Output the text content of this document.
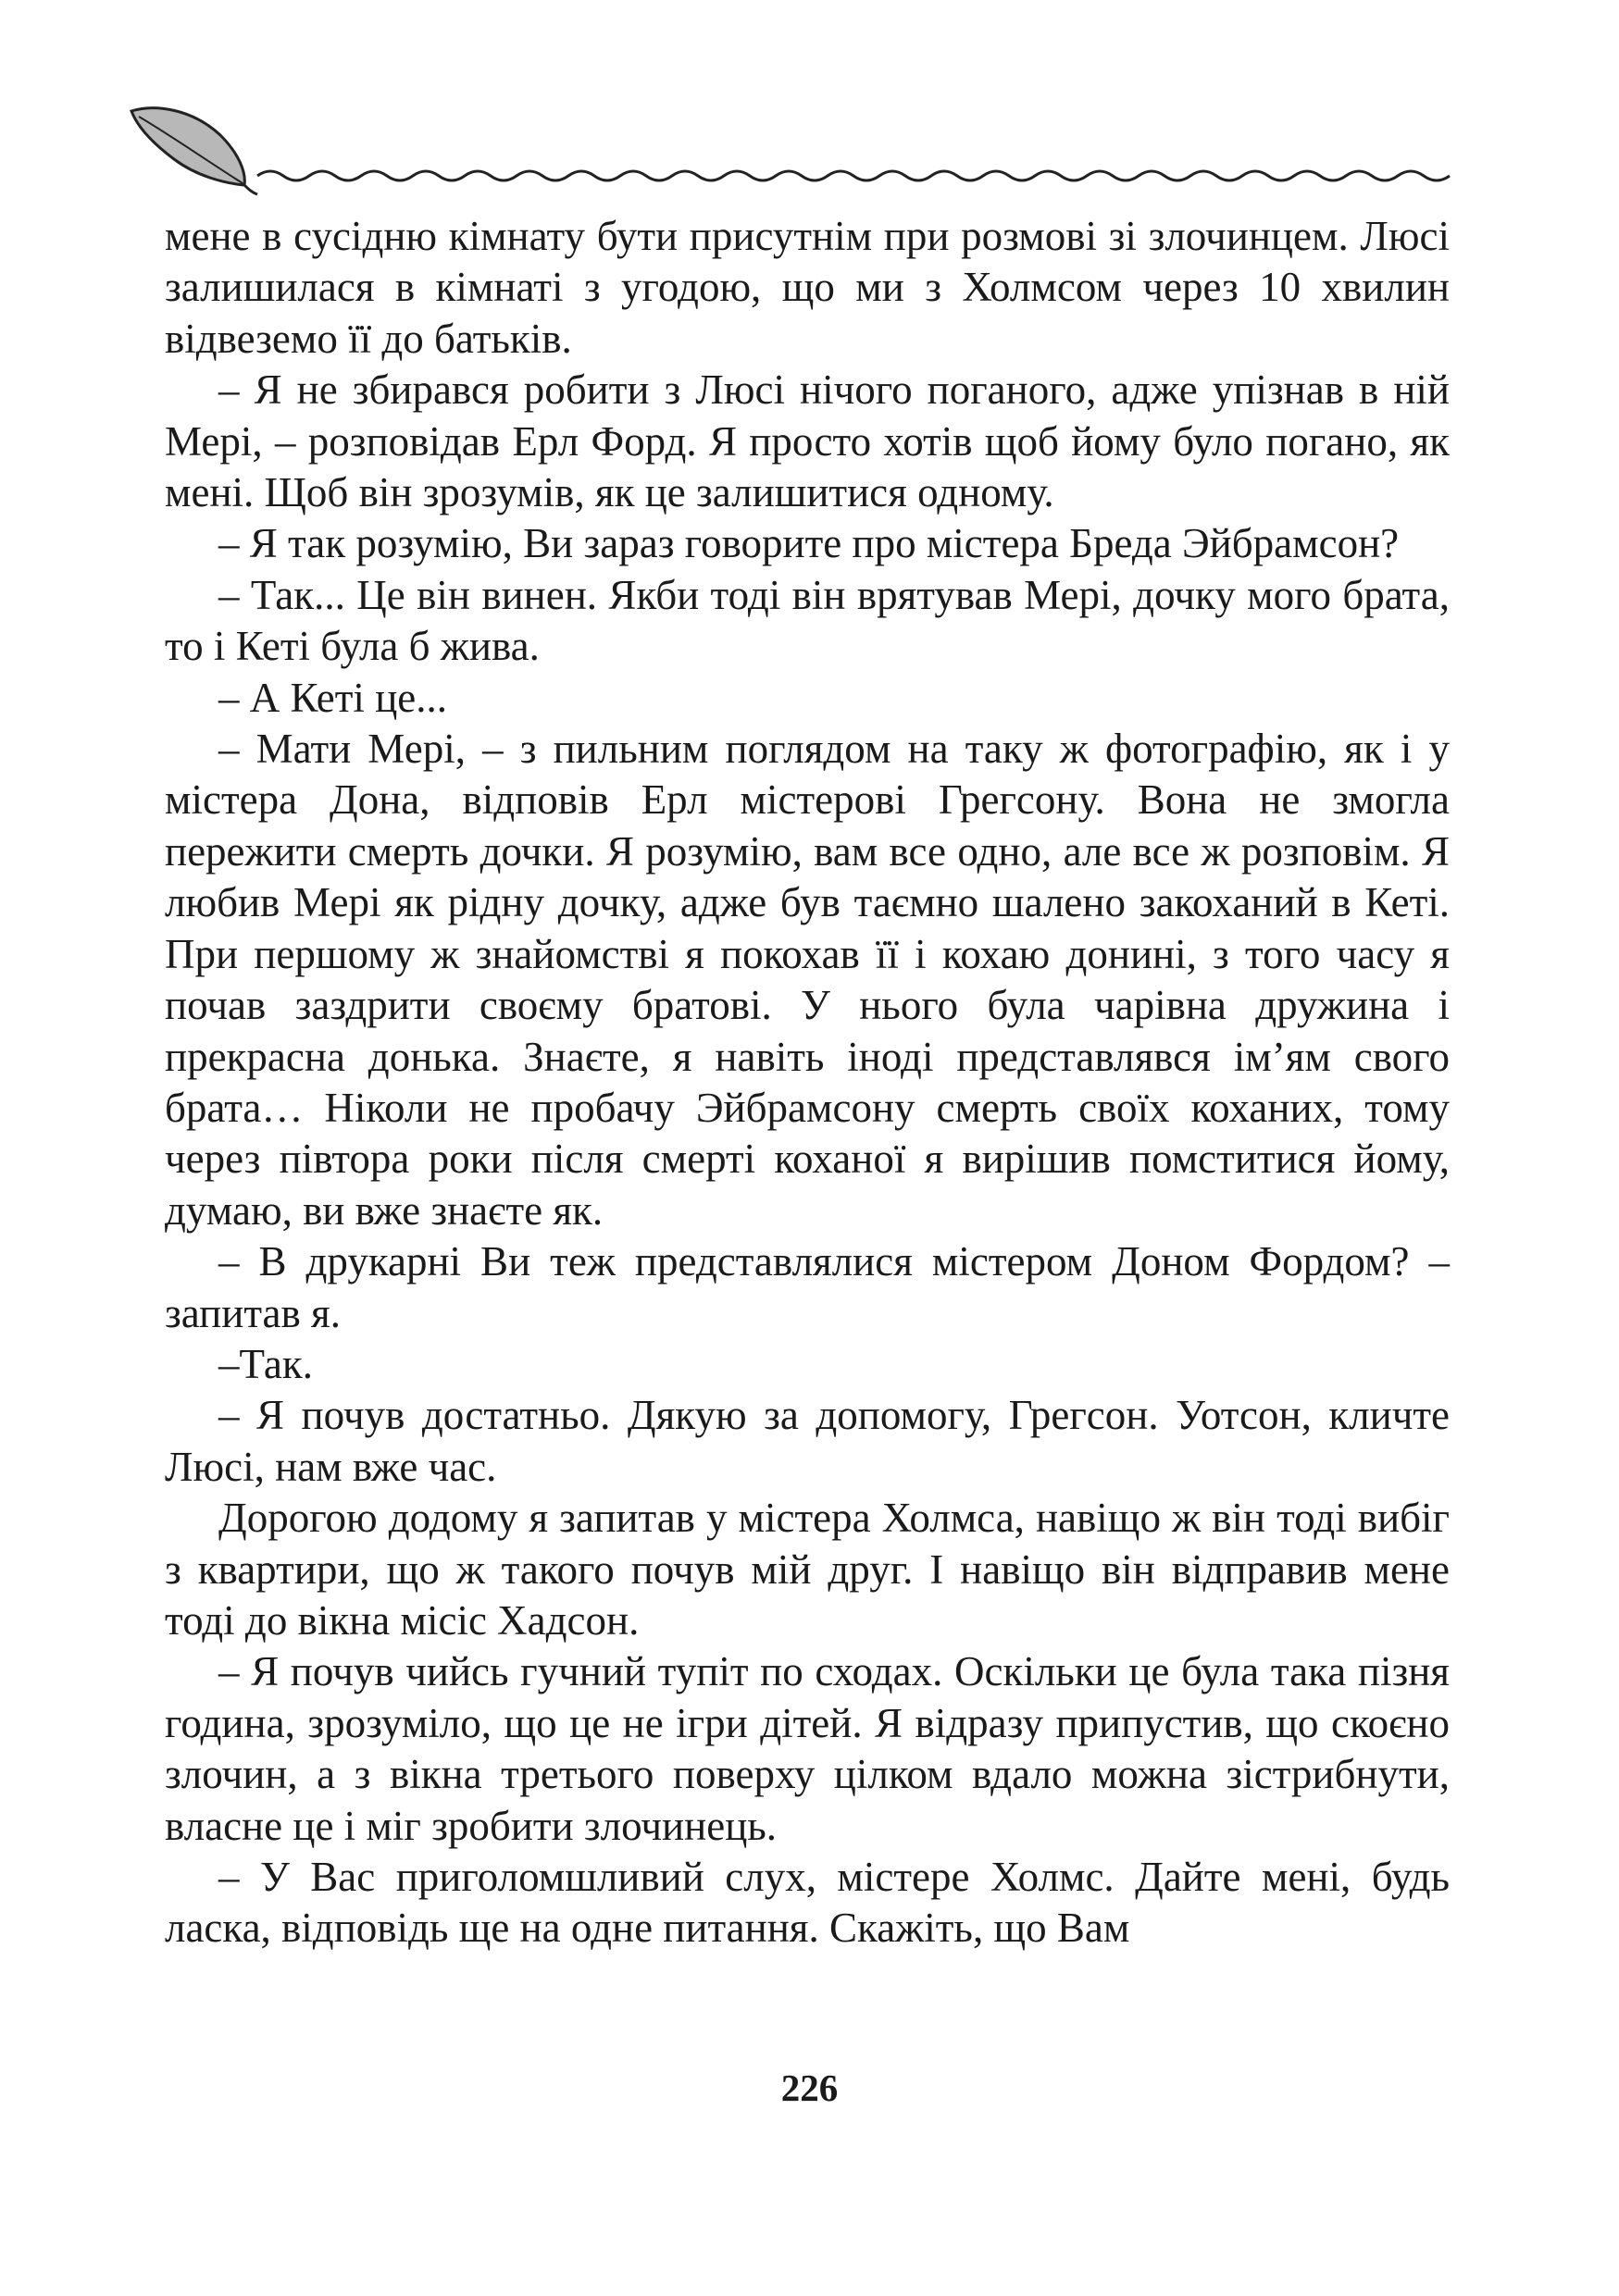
мене в сусідню кімнату бути присутнім при розмові зі злочинцем. Люсі залишилася в кімнаті з угодою, що ми з Холмсом через 10 хвилин відвеземо її до батьків.

– Я не збирався робити з Люсі нічого поганого, адже упізнав в ній Мері, – розповідав Ерл Форд. Я просто хотів щоб йому було погано, як мені. Щоб він зрозумів, як це залишитися одному.

– Я так розумію, Ви зараз говорите про містера Бреда Эйбрамсон?

– Так... Це він винен. Якби тоді він врятував Мері, дочку мого брата, то і Кеті була б жива.

– А Кеті це...

– Мати Мері, – з пильним поглядом на таку ж фотографію, як і у містера Дона, відповів Ерл містерові Грегсону. Вона не змогла пережити смерть дочки. Я розумію, вам все одно, але все ж розповім. Я любив Мері як рідну дочку, адже був таємно шалено закоханий в Кеті. При першому ж знайомстві я покохав її і кохаю донині, з того часу я почав заздрити своєму братові. У нього була чарівна дружина і прекрасна донька. Знаєте, я навіть іноді представлявся ім’ям свого брата… Ніколи не пробачу Эйбрамсону смерть своїх коханих, тому через півтора роки після смерті коханої я вирішив помститися йому, думаю, ви вже знаєте як.

– В друкарні Ви теж представлялися містером Доном Фордом? – запитав я.

–Так.

– Я почув достатньо. Дякую за допомогу, Грегсон. Уотсон, кличте Люсі, нам вже час.

Дорогою додому я запитав у містера Холмса, навіщо ж він тоді вибіг з квартири, що ж такого почув мій друг. І навіщо він відправив мене тоді до вікна місіс Хадсон.

– Я почув чийсь гучний тупіт по сходах. Оскільки це була така пізня година, зрозуміло, що це не ігри дітей. Я відразу припустив, що скоєно злочин, а з вікна третього поверху цілком вдало можна зістрибнути, власне це і міг зробити злочинець.

– У Вас приголомшливий слух, містере Холмс. Дайте мені, будь ласка, відповідь ще на одне питання. Скажіть, що Вам

226
